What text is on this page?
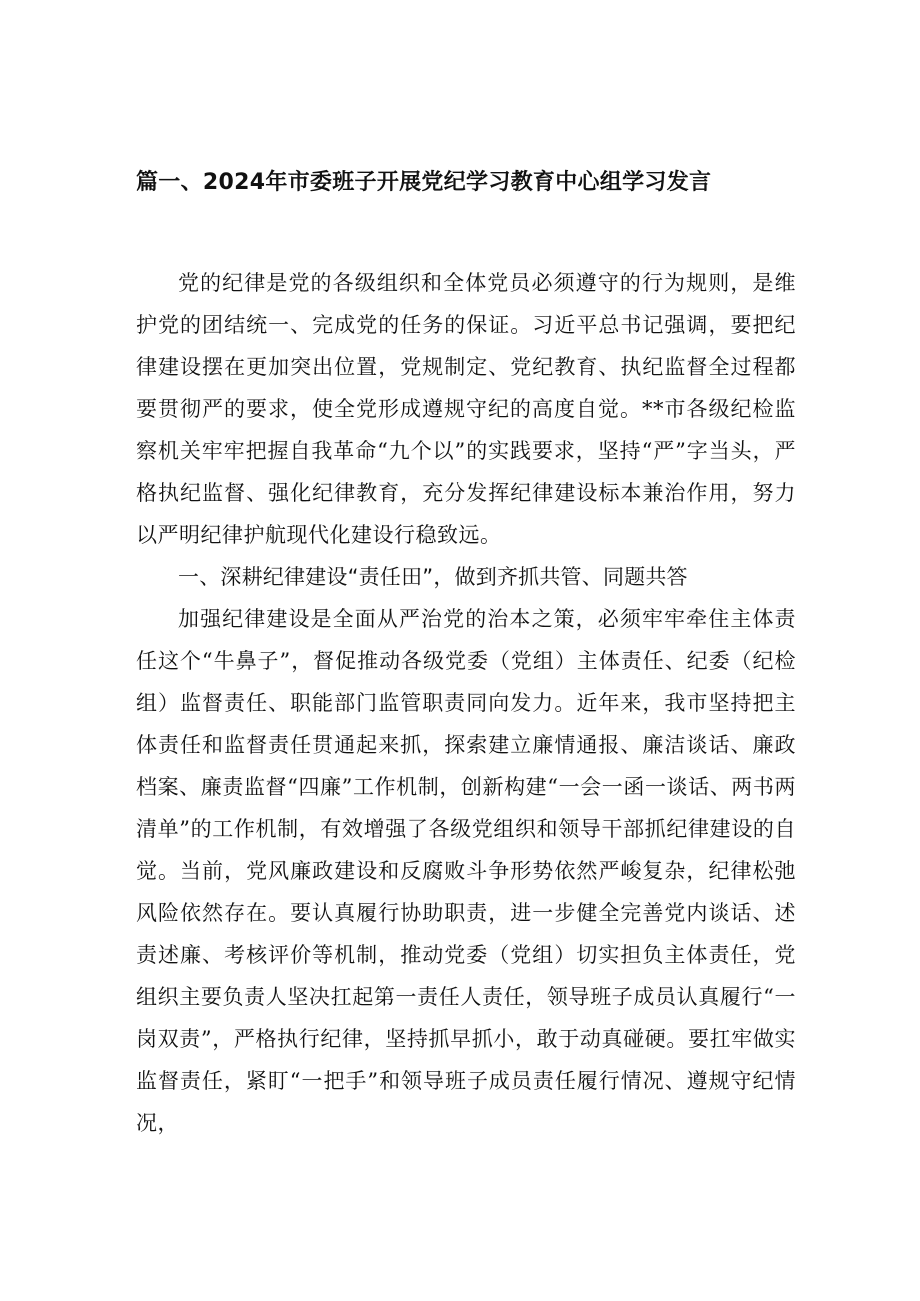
篇一、2024年市委班子开展党纪学习教育中心组学习发言

党的纪律是党的各级组织和全体党员必须遵守的行为规则，是维护党的团结统一、完成党的任务的保证。习近平总书记强调，要把纪律建设摆在更加突出位置，党规制定、党纪教育、执纪监督全过程都要贯彻严的要求，使全党形成遵规守纪的高度自觉。**市各级纪检监察机关牢牢把握自我革命“九个以”的实践要求，坚持“严”字当头，严格执纪监督、强化纪律教育，充分发挥纪律建设标本兼治作用，努力以严明纪律护航现代化建设行稳致远。

一、深耕纪律建设“责任田”，做到齐抓共管、同题共答

加强纪律建设是全面从严治党的治本之策，必须牢牢牵住主体责任这个“牛鼻子”，督促推动各级党委（党组）主体责任、纪委（纪检组）监督责任、职能部门监管职责同向发力。近年来，我市坚持把主体责任和监督责任贯通起来抓，探索建立廉情通报、廉洁谈话、廉政档案、廉责监督“四廉”工作机制，创新构建“一会一函一谈话、两书两清单”的工作机制，有效增强了各级党组织和领导干部抓纪律建设的自觉。当前，党风廉政建设和反腐败斗争形势依然严峻复杂，纪律松弛风险依然存在。要认真履行协助职责，进一步健全完善党内谈话、述责述廉、考核评价等机制，推动党委（党组）切实担负主体责任，党组织主要负责人坚决扛起第一责任人责任，领导班子成员认真履行“一岗双责”，严格执行纪律，坚持抓早抓小，敢于动真碰硬。要扛牢做实监督责任，紧盯“一把手”和领导班子成员责任履行情况、遵规守纪情况，
